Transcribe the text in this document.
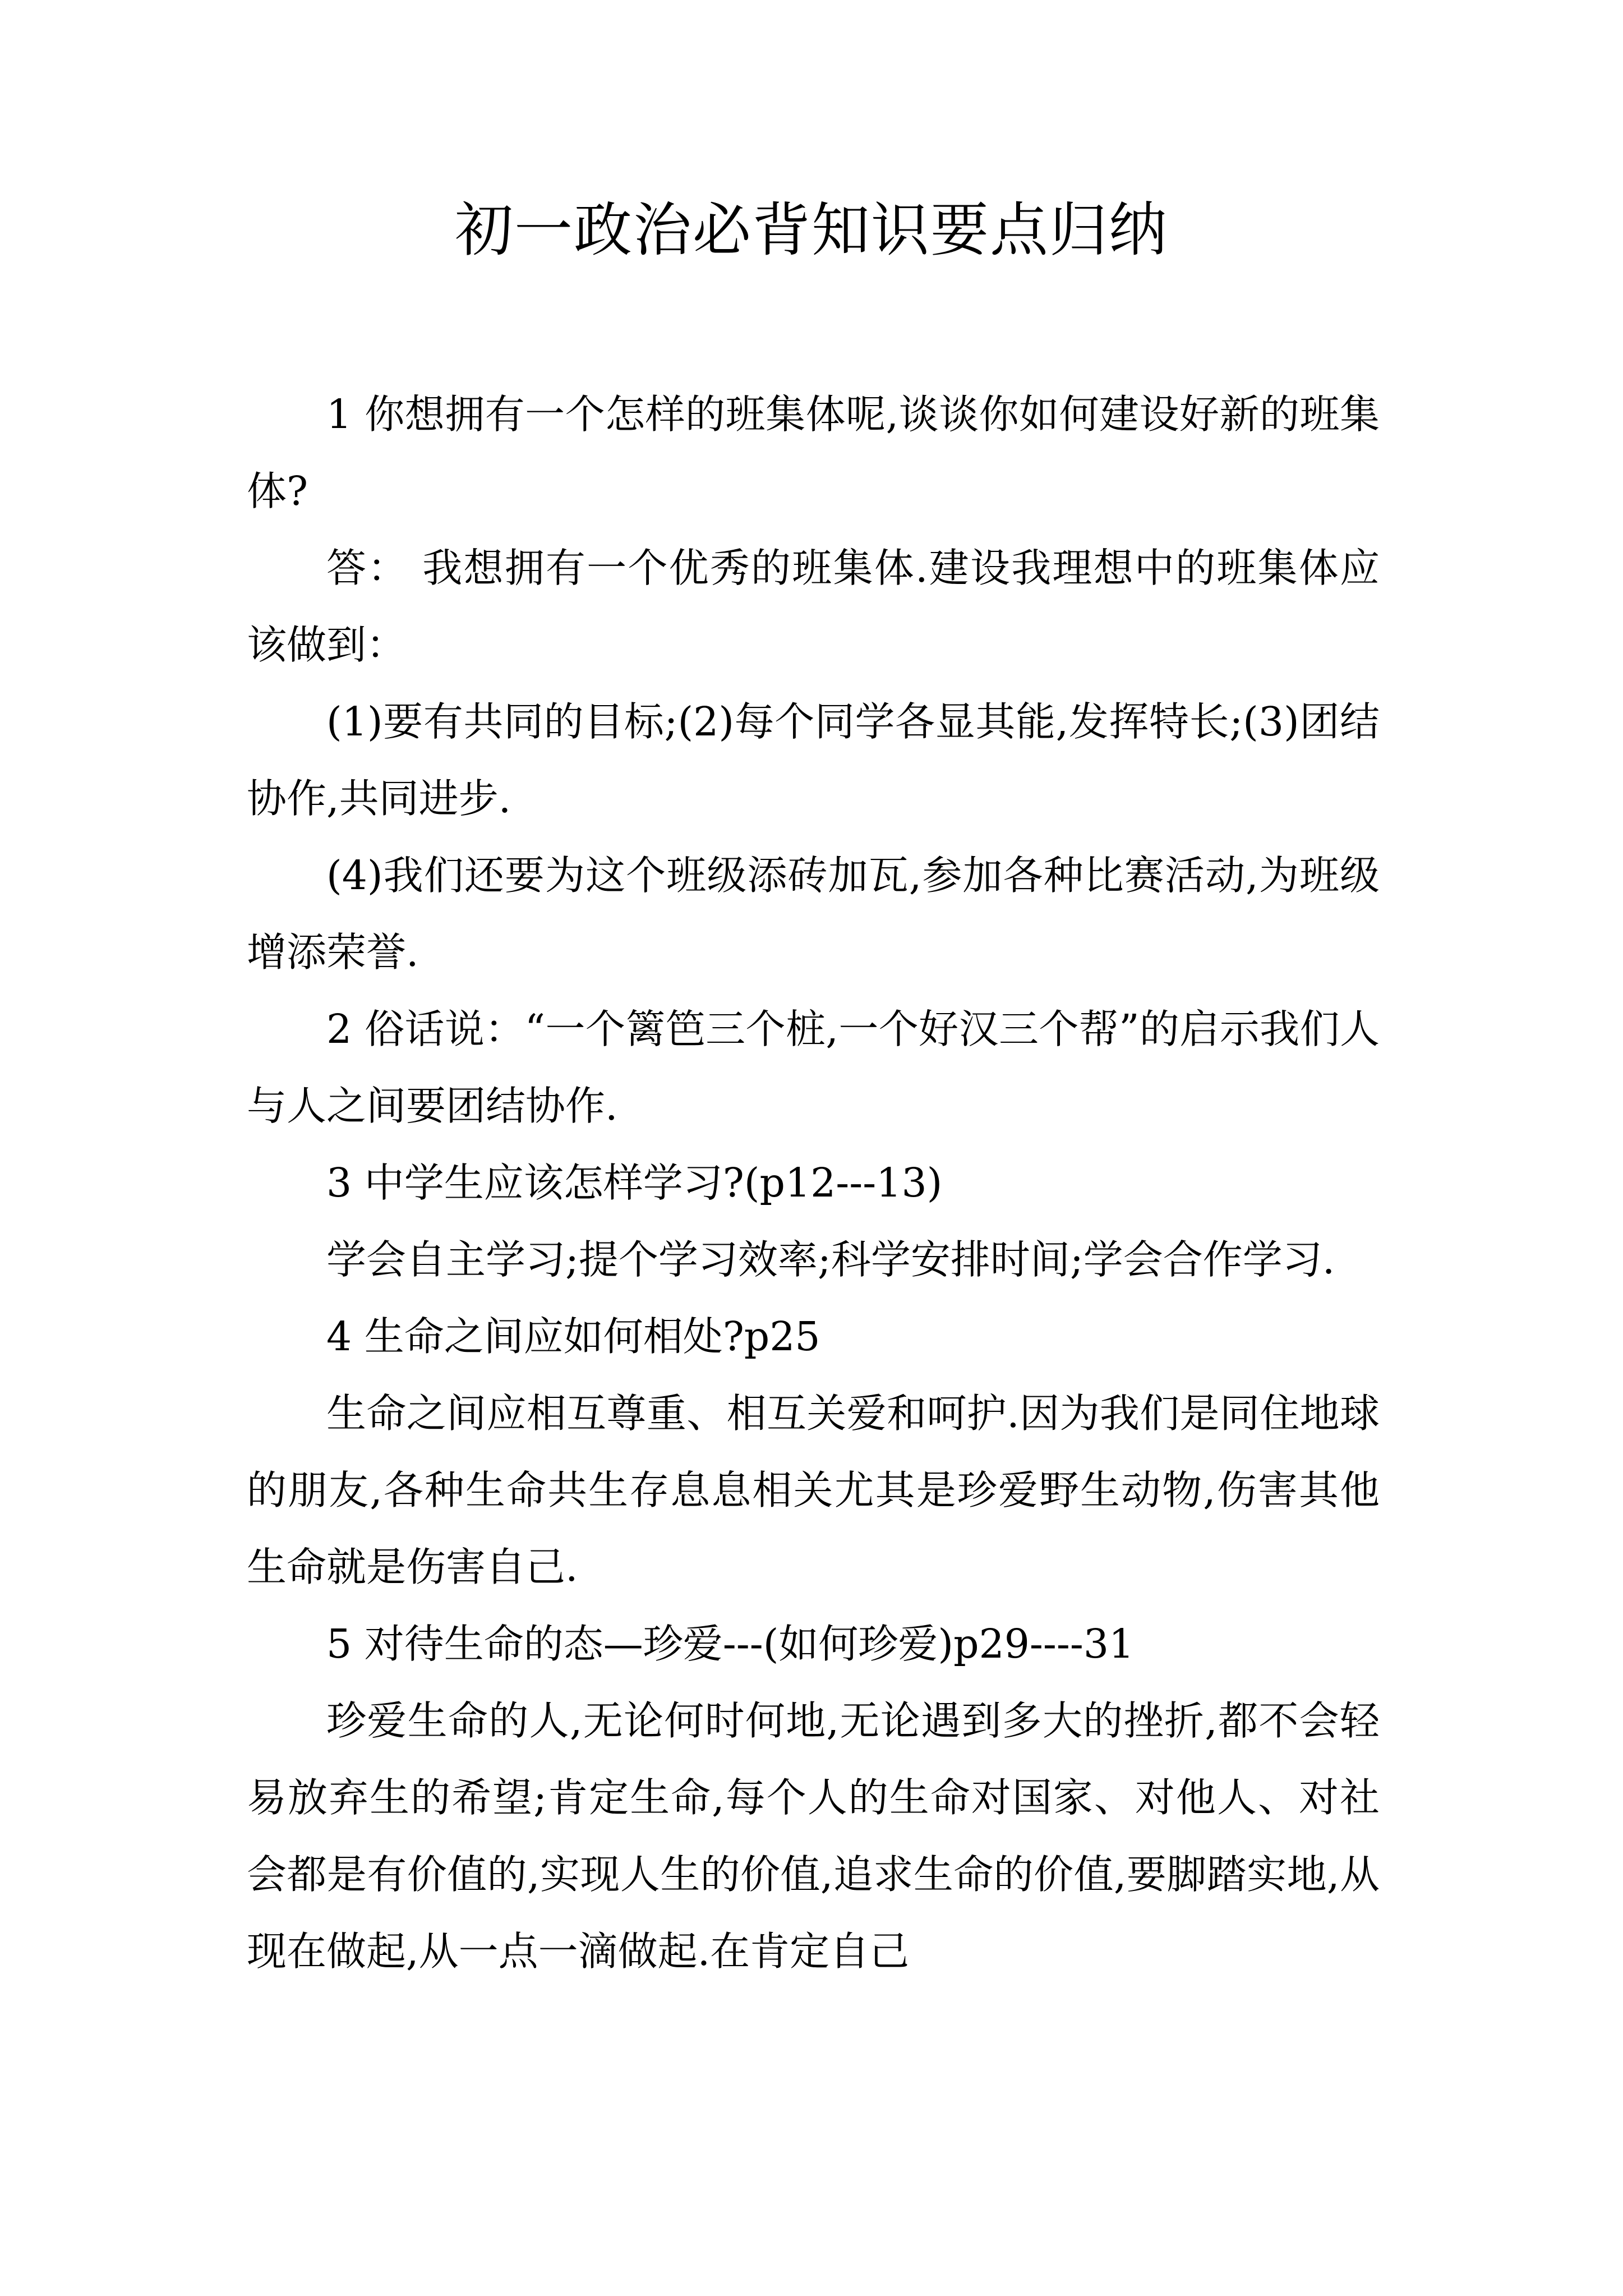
初一政治必背知识要点归纳

1 你想拥有一个怎样的班集体呢,谈谈你如何建设好新的班集体?

答： 我想拥有一个优秀的班集体.建设我理想中的班集体应该做到：

(1)要有共同的目标;(2)每个同学各显其能,发挥特长;(3)团结协作,共同进步.

(4)我们还要为这个班级添砖加瓦,参加各种比赛活动,为班级增添荣誉.

2 俗话说：“一个篱笆三个桩,一个好汉三个帮”的启示我们人与人之间要团结协作.

3 中学生应该怎样学习?(p12---13)

学会自主学习;提个学习效率;科学安排时间;学会合作学习.

4 生命之间应如何相处?p25

生命之间应相互尊重、相互关爱和呵护.因为我们是同住地球的朋友,各种生命共生存息息相关尤其是珍爱野生动物,伤害其他生命就是伤害自己.

5 对待生命的态—珍爱---(如何珍爱)p29----31

珍爱生命的人,无论何时何地,无论遇到多大的挫折,都不会轻易放弃生的希望;肯定生命,每个人的生命对国家、对他人、对社会都是有价值的,实现人生的价值,追求生命的价值,要脚踏实地,从现在做起,从一点一滴做起.在肯定自己
